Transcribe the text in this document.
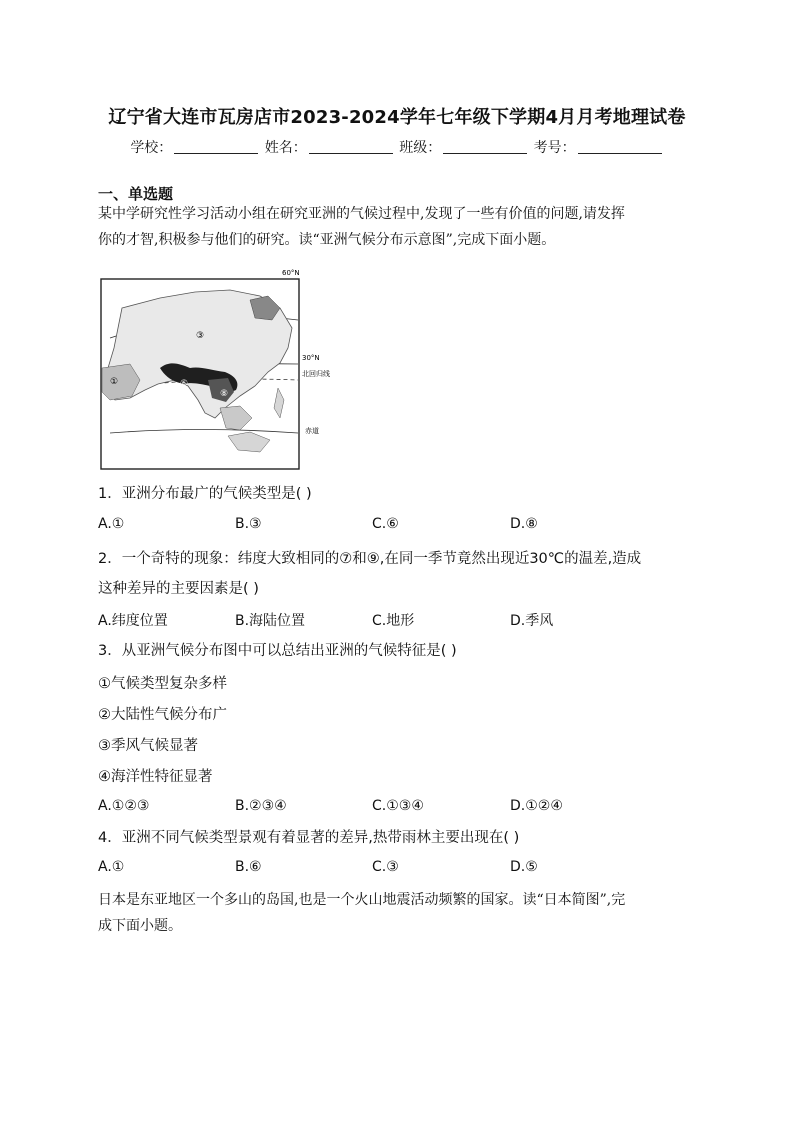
辽宁省大连市瓦房店市2023-2024学年七年级下学期4月月考地理试卷
学校：	姓名：	班级：	考号：
一、单选题
某中学研究性学习活动小组在研究亚洲的气候过程中,发现了一些有价值的问题,请发挥
你的才智,积极参与他们的研究。读“亚洲气候分布示意图”,完成下面小题。
①
③
⑥
⑧
60°N
30°N
北回归线
赤道
1．亚洲分布最广的气候类型是( )
A.①	B.③	C.⑥	D.⑧
2．一个奇特的现象：纬度大致相同的⑦和⑨,在同一季节竟然出现近30℃的温差,造成
这种差异的主要因素是( )
A.纬度位置	B.海陆位置	C.地形	D.季风
3．从亚洲气候分布图中可以总结出亚洲的气候特征是( )
①气候类型复杂多样
②大陆性气候分布广
③季风气候显著
④海洋性特征显著
A.①②③	B.②③④	C.①③④	D.①②④
4．亚洲不同气候类型景观有着显著的差异,热带雨林主要出现在( )
A.①	B.⑥	C.③	D.⑤
日本是东亚地区一个多山的岛国,也是一个火山地震活动频繁的国家。读“日本简图”,完
成下面小题。
